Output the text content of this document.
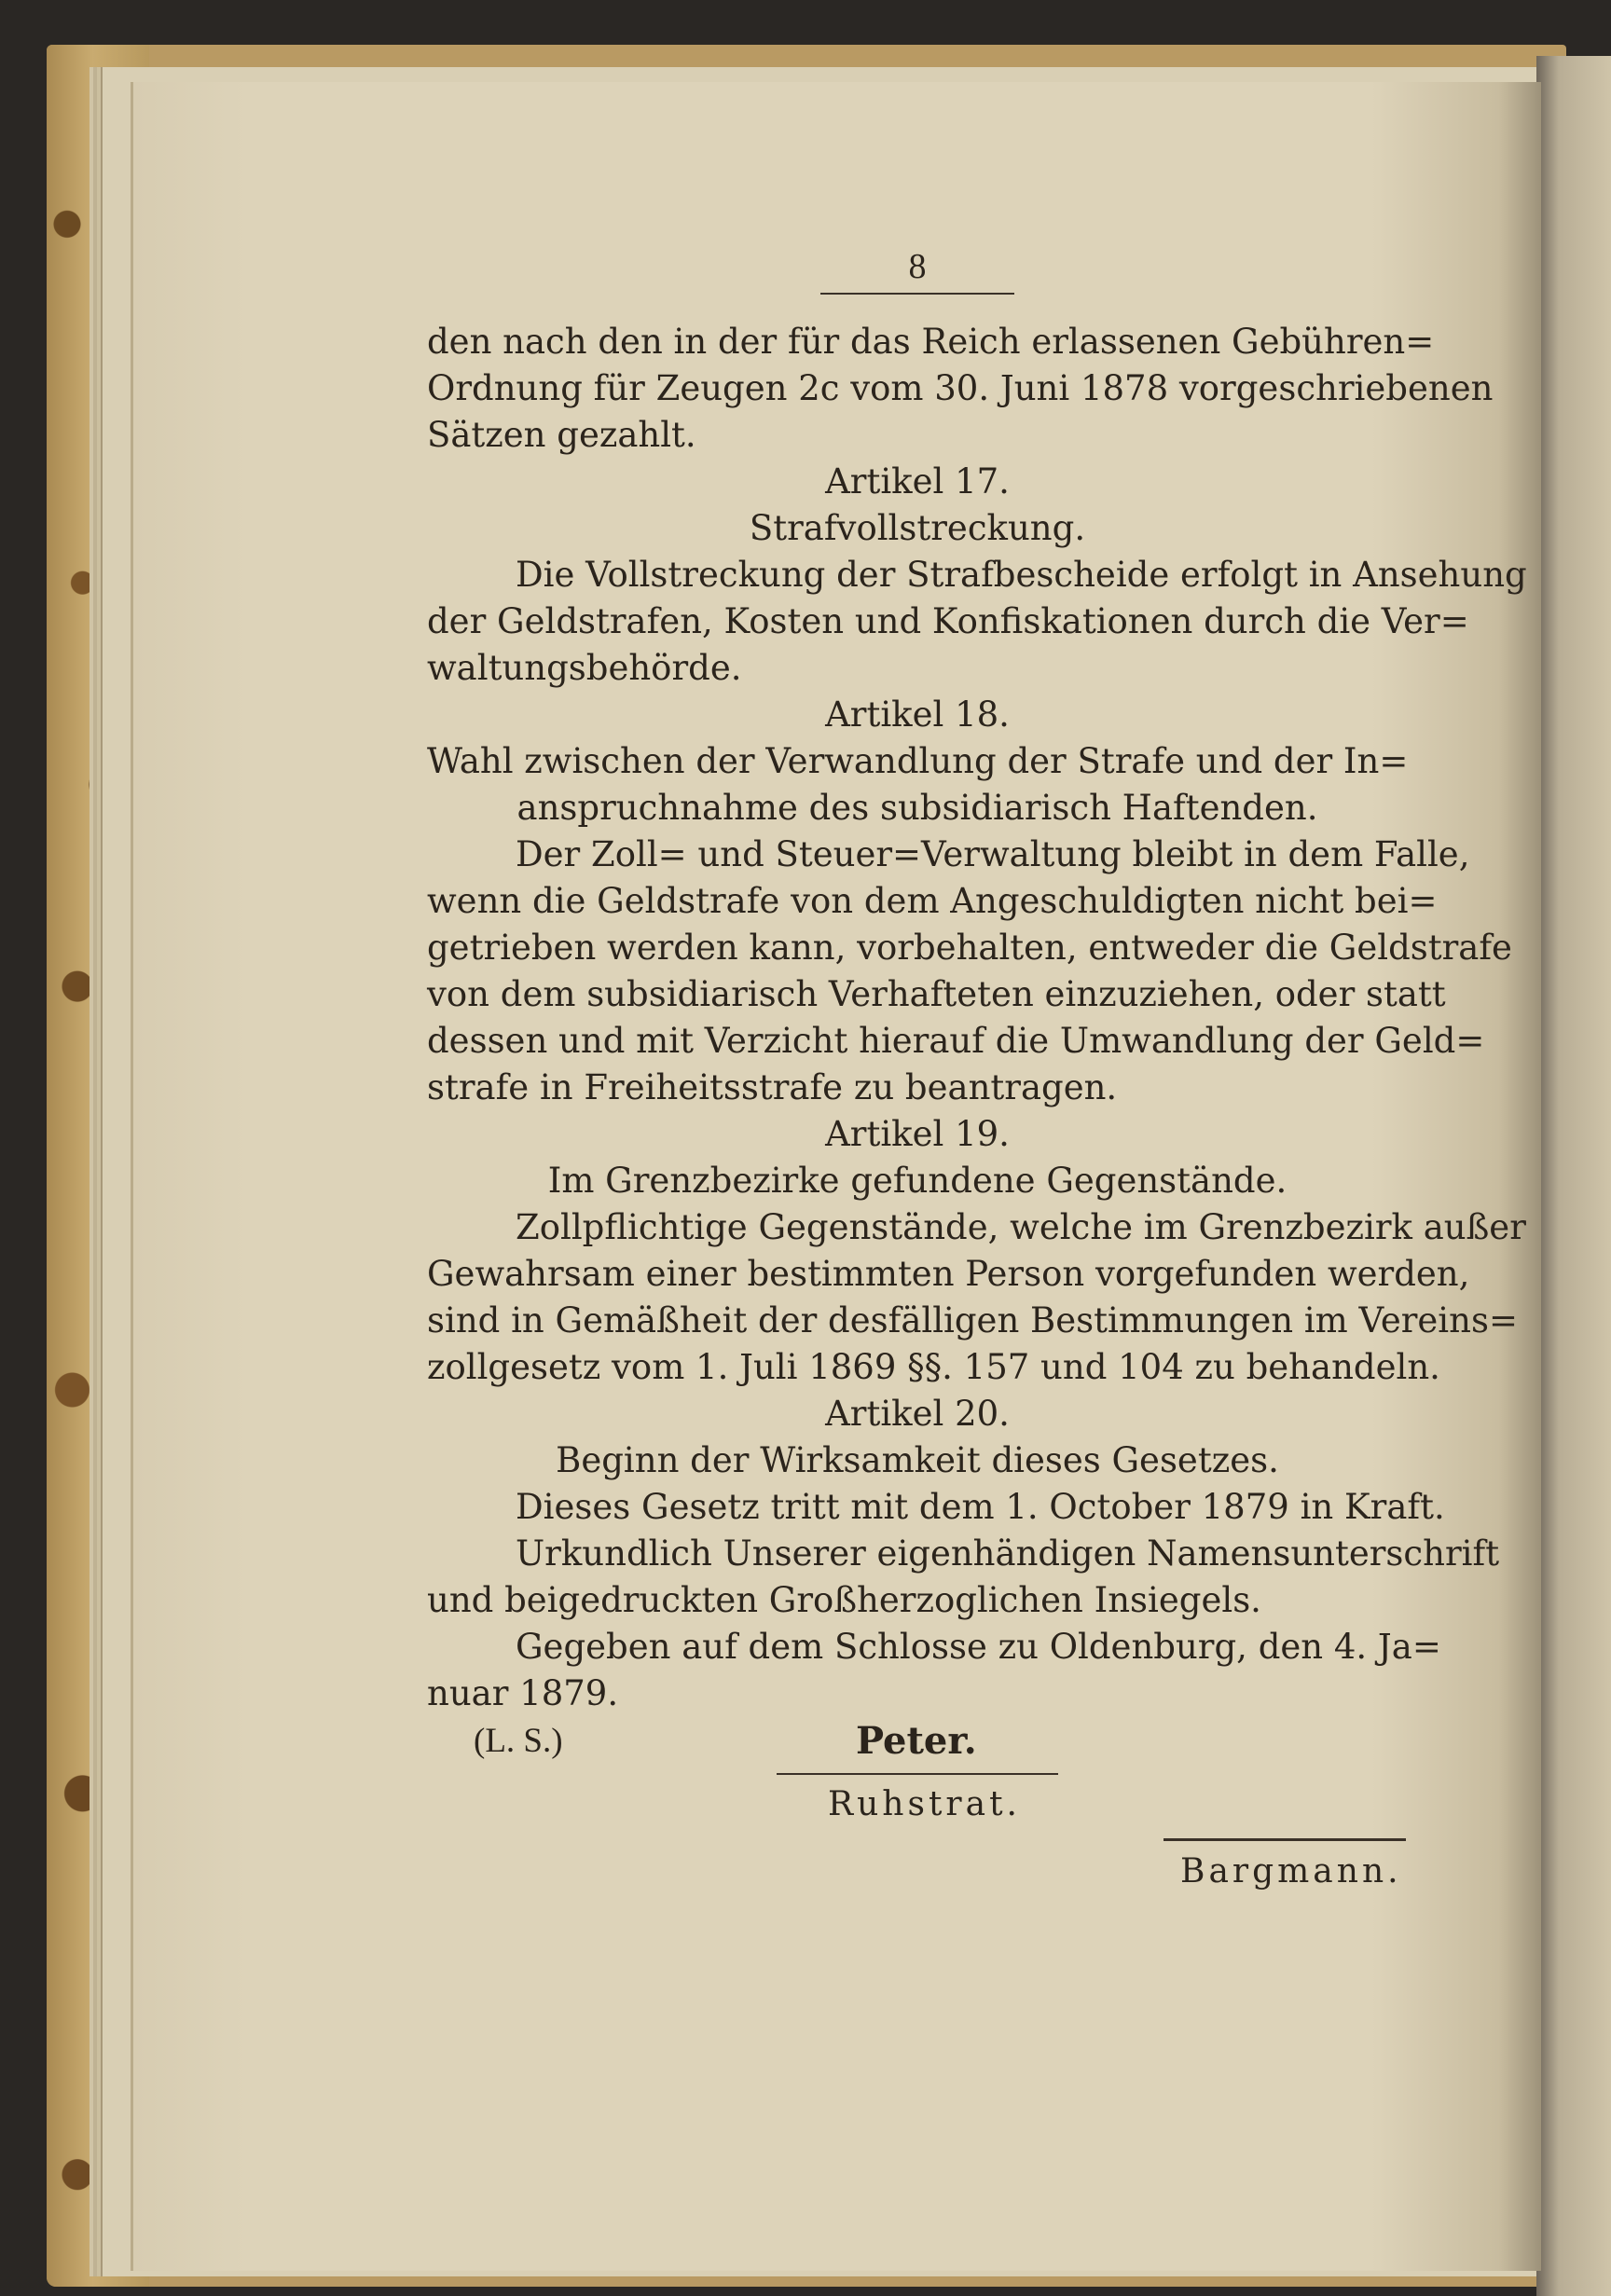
8
den nach den in der für das Reich erlassenen Gebühren=
Ordnung für Zeugen 2c vom 30. Juni 1878 vorgeschriebenen
Sätzen gezahlt.
Artikel 17.
Strafvollstreckung.
Die Vollstreckung der Strafbescheide erfolgt in Ansehung
der Geldstrafen, Kosten und Konfiskationen durch die Ver=
waltungsbehörde.
Artikel 18.
Wahl zwischen der Verwandlung der Strafe und der In=
anspruchnahme des subsidiarisch Haftenden.
Der Zoll= und Steuer=Verwaltung bleibt in dem Falle,
wenn die Geldstrafe von dem Angeschuldigten nicht bei=
getrieben werden kann, vorbehalten, entweder die Geldstrafe
von dem subsidiarisch Verhafteten einzuziehen, oder statt
dessen und mit Verzicht hierauf die Umwandlung der Geld=
strafe in Freiheitsstrafe zu beantragen.
Artikel 19.
Im Grenzbezirke gefundene Gegenstände.
Zollpflichtige Gegenstände, welche im Grenzbezirk außer
Gewahrsam einer bestimmten Person vorgefunden werden,
sind in Gemäßheit der desfälligen Bestimmungen im Vereins=
zollgesetz vom 1. Juli 1869 §§. 157 und 104 zu behandeln.
Artikel 20.
Beginn der Wirksamkeit dieses Gesetzes.
Dieses Gesetz tritt mit dem 1. October 1879 in Kraft.
Urkundlich Unserer eigenhändigen Namensunterschrift
und beigedruckten Großherzoglichen Insiegels.
Gegeben auf dem Schlosse zu Oldenburg, den 4. Ja=
nuar 1879.
(L. S.)	Peter.
Ruhstrat.
Bargmann.
